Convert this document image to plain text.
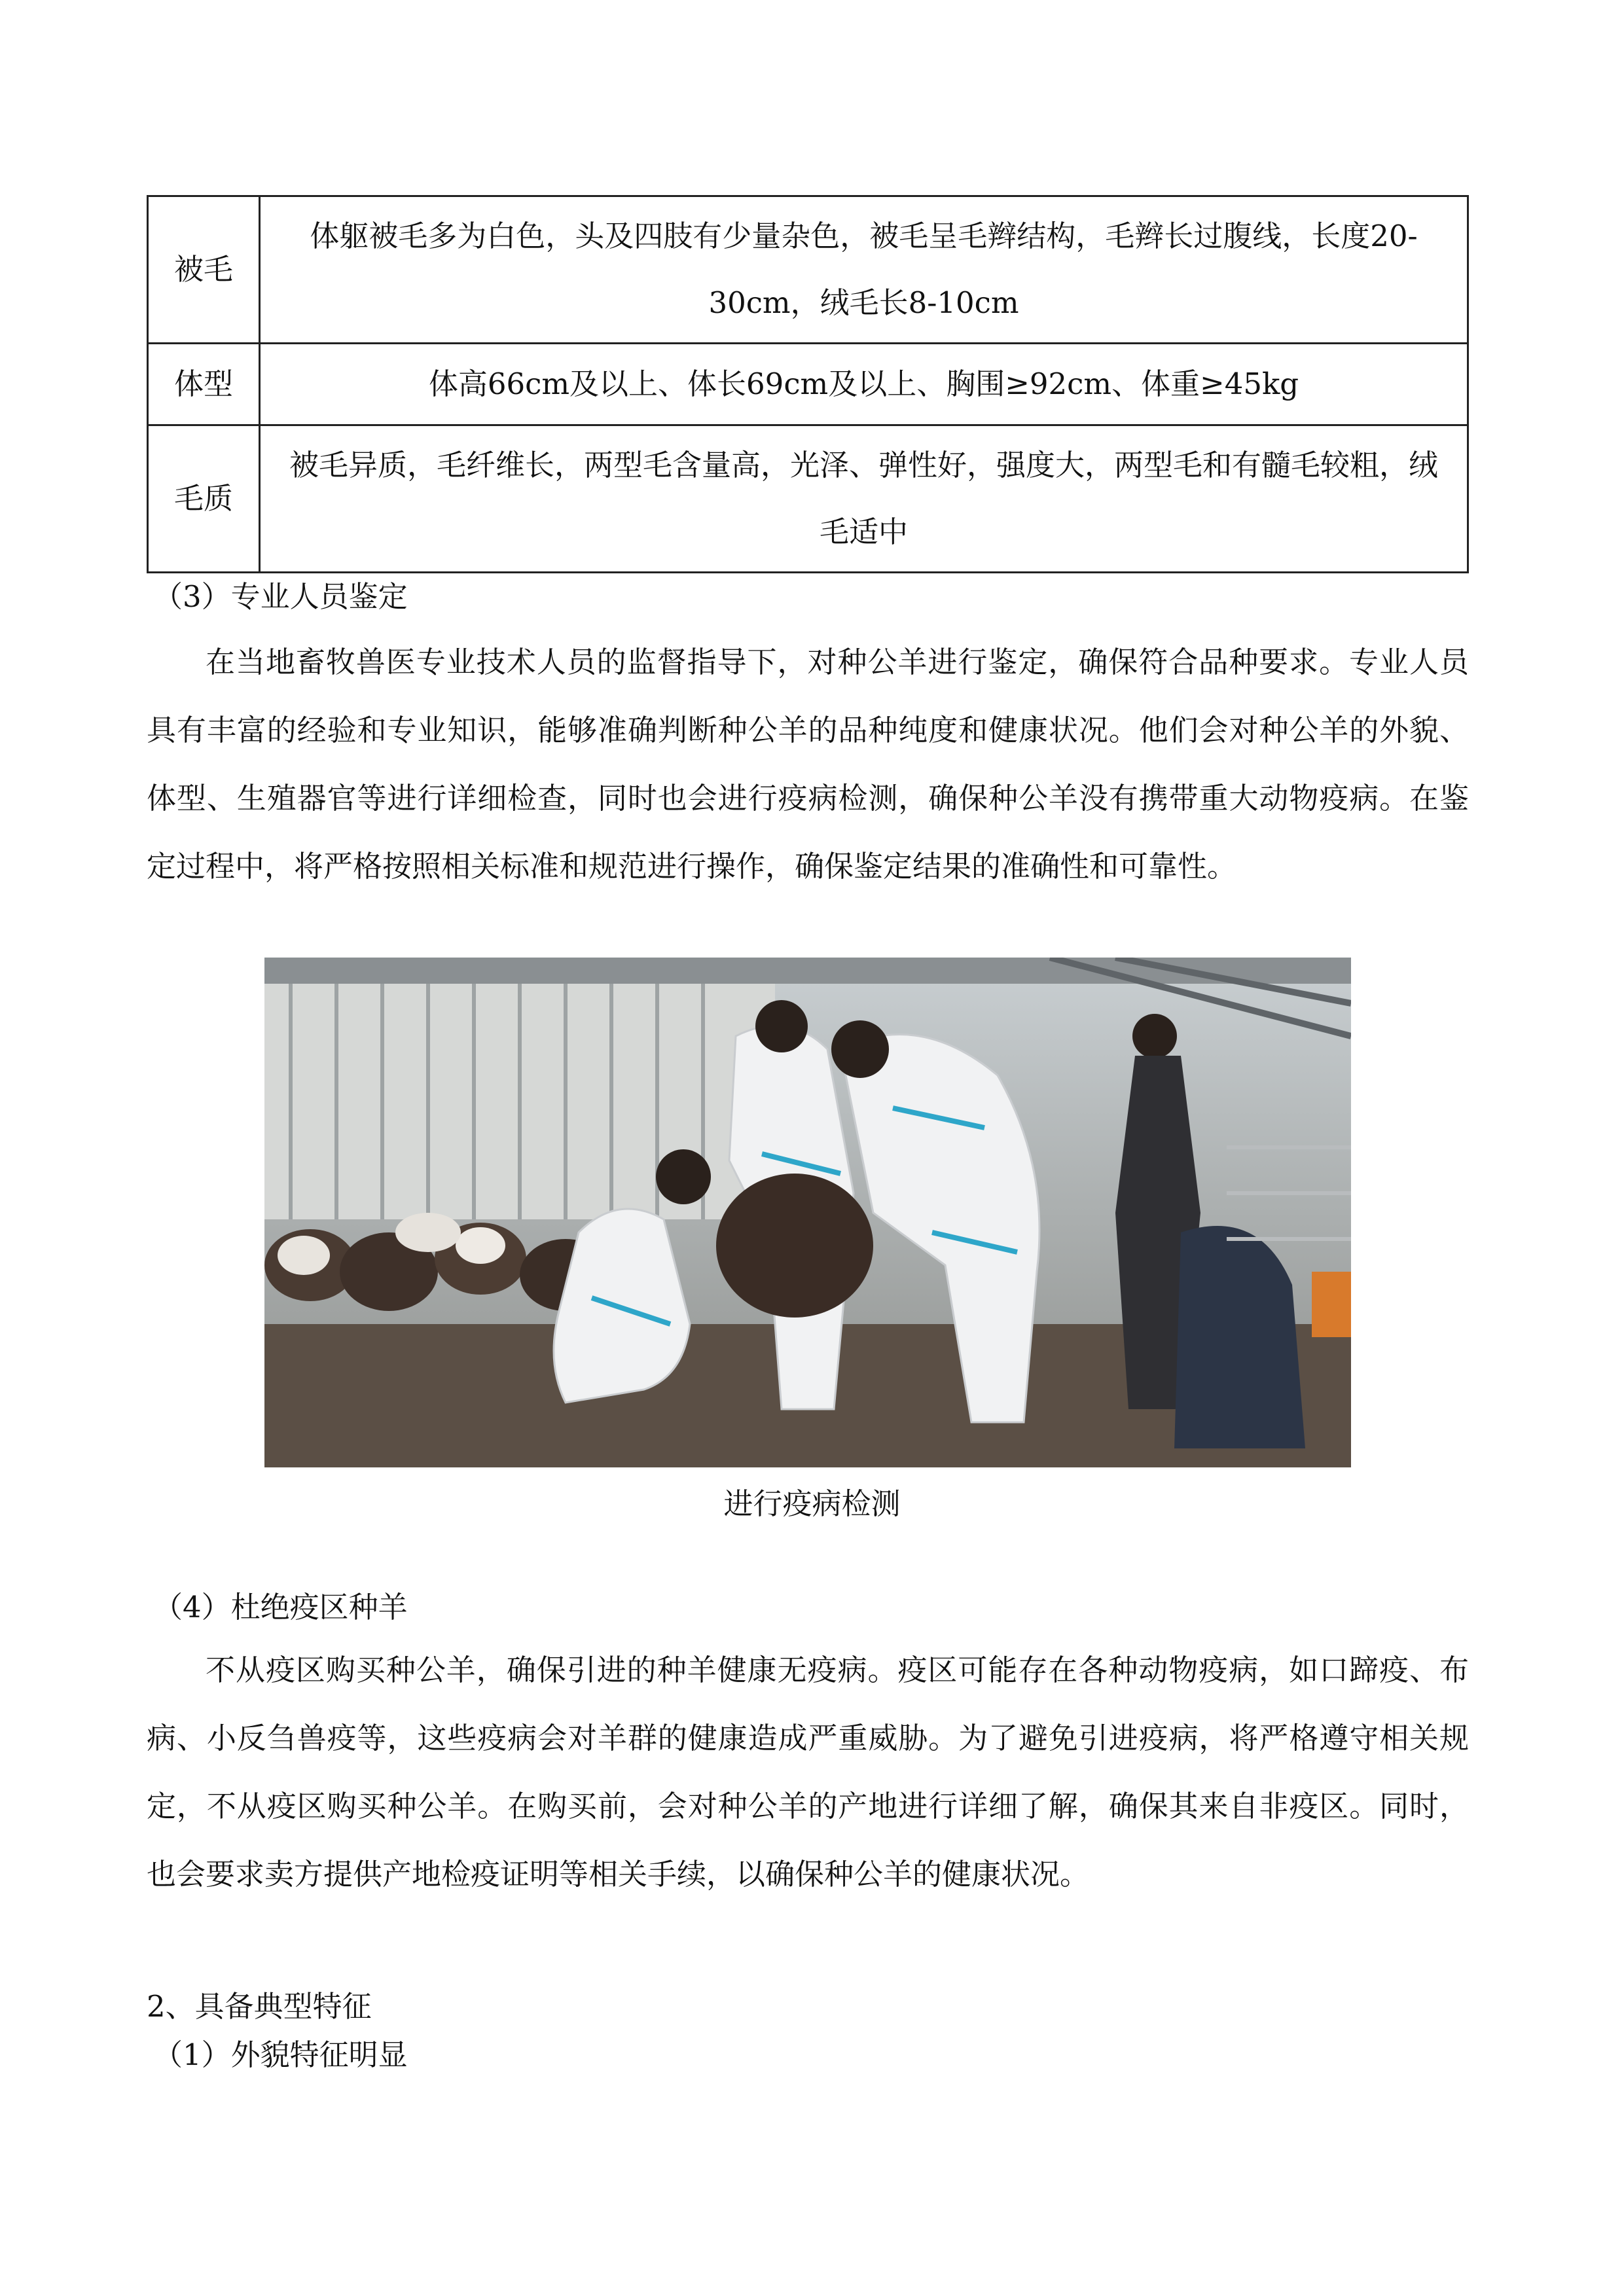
被毛	体躯被毛多为白色，头及四肢有少量杂色，被毛呈毛辫结构，毛辫长过腹线，长度20-30cm，绒毛长8-10cm
体型	体高66cm及以上、体长69cm及以上、胸围≥92cm、体重≥45kg
毛质	被毛异质，毛纤维长，两型毛含量高，光泽、弹性好，强度大，两型毛和有髓毛较粗，绒毛适中
（3）专业人员鉴定
在当地畜牧兽医专业技术人员的监督指导下，对种公羊进行鉴定，确保符合品种要求。专业人员具有丰富的经验和专业知识，能够准确判断种公羊的品种纯度和健康状况。他们会对种公羊的外貌、体型、生殖器官等进行详细检查，同时也会进行疫病检测，确保种公羊没有携带重大动物疫病。在鉴定过程中，将严格按照相关标准和规范进行操作，确保鉴定结果的准确性和可靠性。
进行疫病检测
（4）杜绝疫区种羊
不从疫区购买种公羊，确保引进的种羊健康无疫病。疫区可能存在各种动物疫病，如口蹄疫、布病、小反刍兽疫等，这些疫病会对羊群的健康造成严重威胁。为了避免引进疫病，将严格遵守相关规定，不从疫区购买种公羊。在购买前，会对种公羊的产地进行详细了解，确保其来自非疫区。同时，也会要求卖方提供产地检疫证明等相关手续，以确保种公羊的健康状况。
2、具备典型特征
（1）外貌特征明显
